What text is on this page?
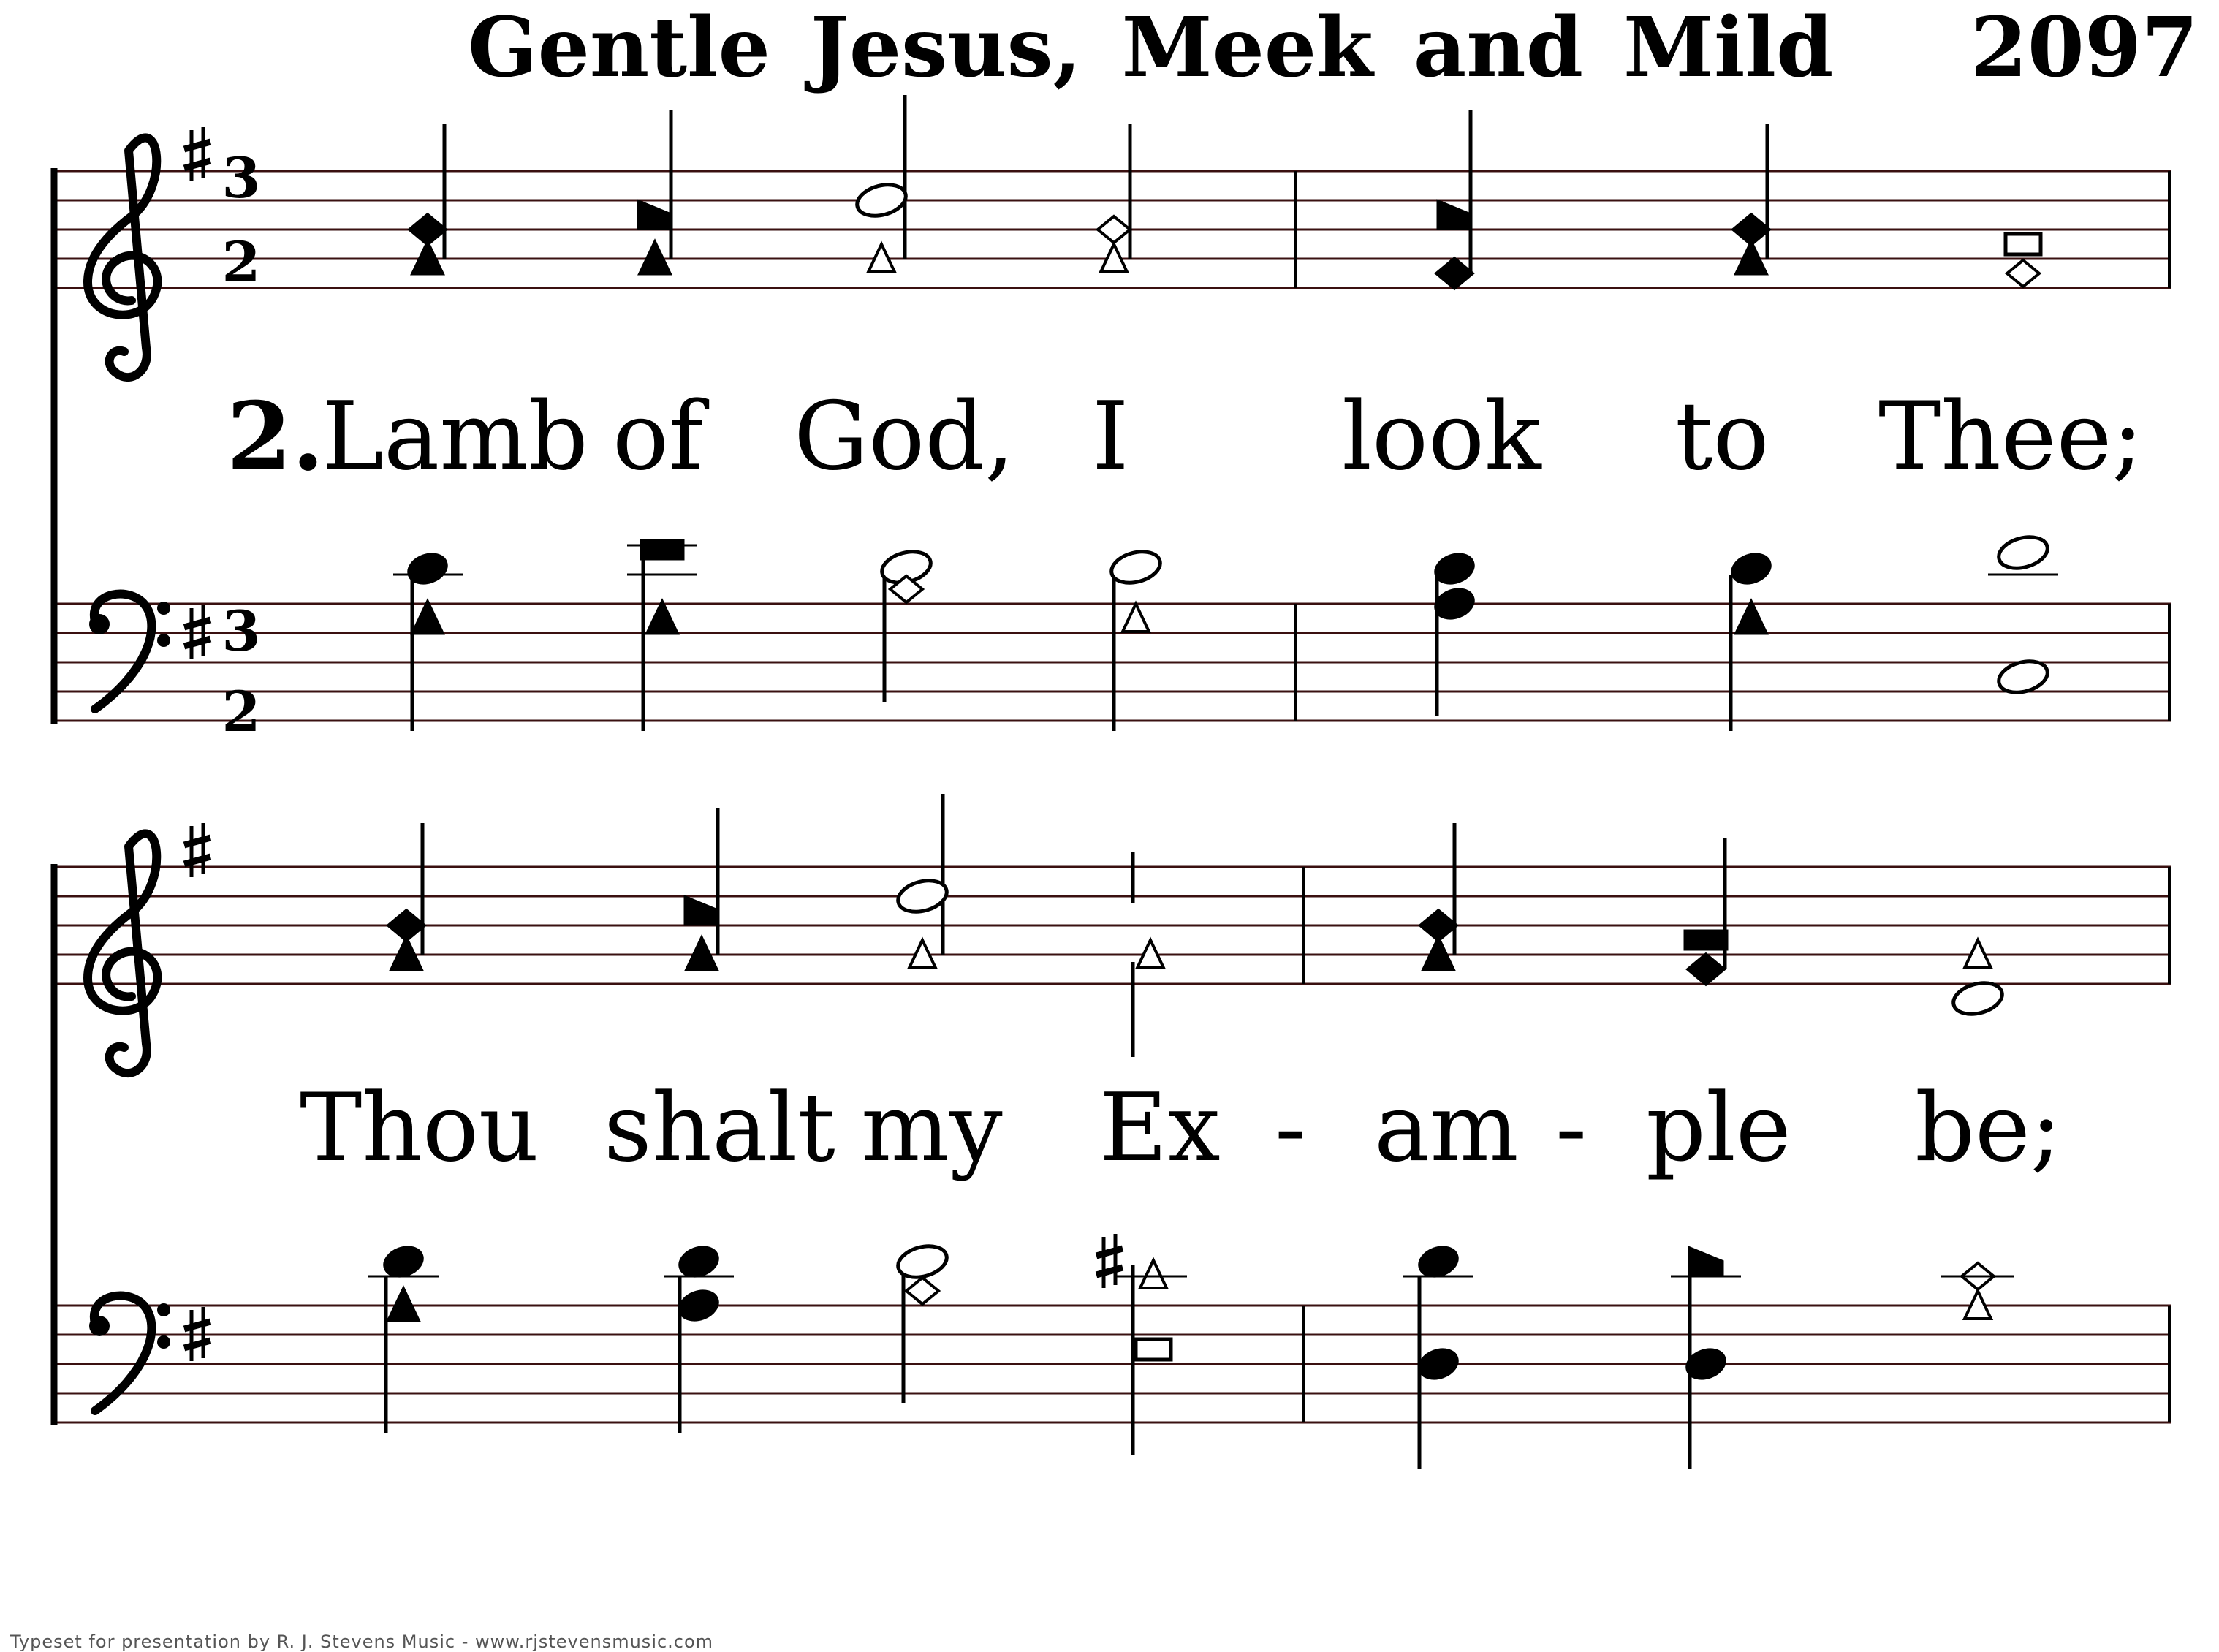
3
2
3
2
Gentle Jesus, Meek and Mild 2097
2.
Lamb of God, I look to Thee;
Thou shalt my Ex - am - ple be;
Typeset for presentation by R. J. Stevens Music - www.rjstevensmusic.com
